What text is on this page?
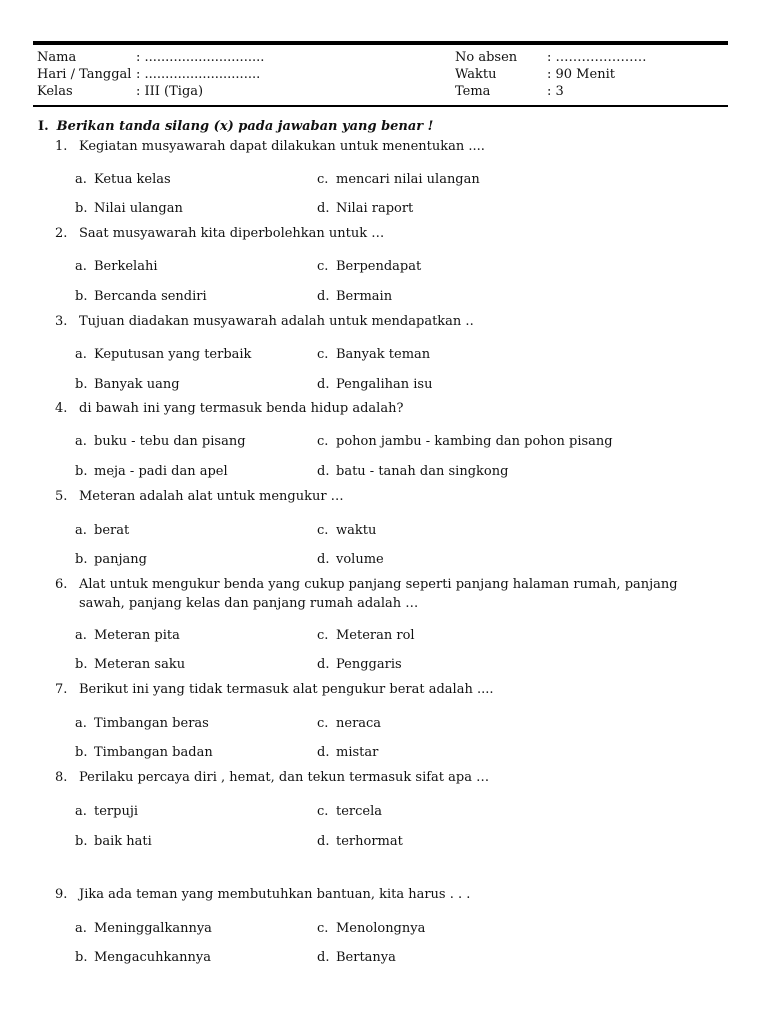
Nama	: .............................	No absen : …………………
Hari / Tanggal : ............................	Waktu	: 90 Menit
Kelas	: III (Tiga)	Tema	: 3
I. Berikan tanda silang (x) pada jawaban yang benar !
1. Kegiatan musyawarah dapat dilakukan untuk menentukan ....
a. Ketua kelas
b. Nilai ulangan
c. mencari nilai ulangan
d. Nilai raport
2. Saat musyawarah kita diperbolehkan untuk …
a. Berkelahi
b. Bercanda sendiri
c. Berpendapat
d. Bermain
3. Tujuan diadakan musyawarah adalah untuk mendapatkan ..
a. Keputusan yang terbaik
b. Banyak uang
c. Banyak teman
d. Pengalihan isu
4. di bawah ini yang termasuk benda hidup adalah?
a. buku - tebu dan pisang
b. meja - padi dan apel
c. pohon jambu - kambing dan pohon pisang
d. batu - tanah dan singkong
5. Meteran adalah alat untuk mengukur …
a. berat
b. panjang
c. waktu
d. volume
6. Alat untuk mengukur benda yang cukup panjang seperti panjang halaman rumah, panjang sawah, panjang kelas dan panjang rumah adalah …
a. Meteran pita
b. Meteran saku
c. Meteran rol
d. Penggaris
7. Berikut ini yang tidak termasuk alat pengukur berat adalah ....
a. Timbangan beras
b. Timbangan badan
c. neraca
d. mistar
8. Perilaku percaya diri , hemat, dan tekun termasuk sifat apa …
a. terpuji
b. baik hati
c. tercela
d. terhormat
9. Jika ada teman yang membutuhkan bantuan, kita harus . . .
a. Meninggalkannya
b. Mengacuhkannya
c. Menolongnya
d. Bertanya
